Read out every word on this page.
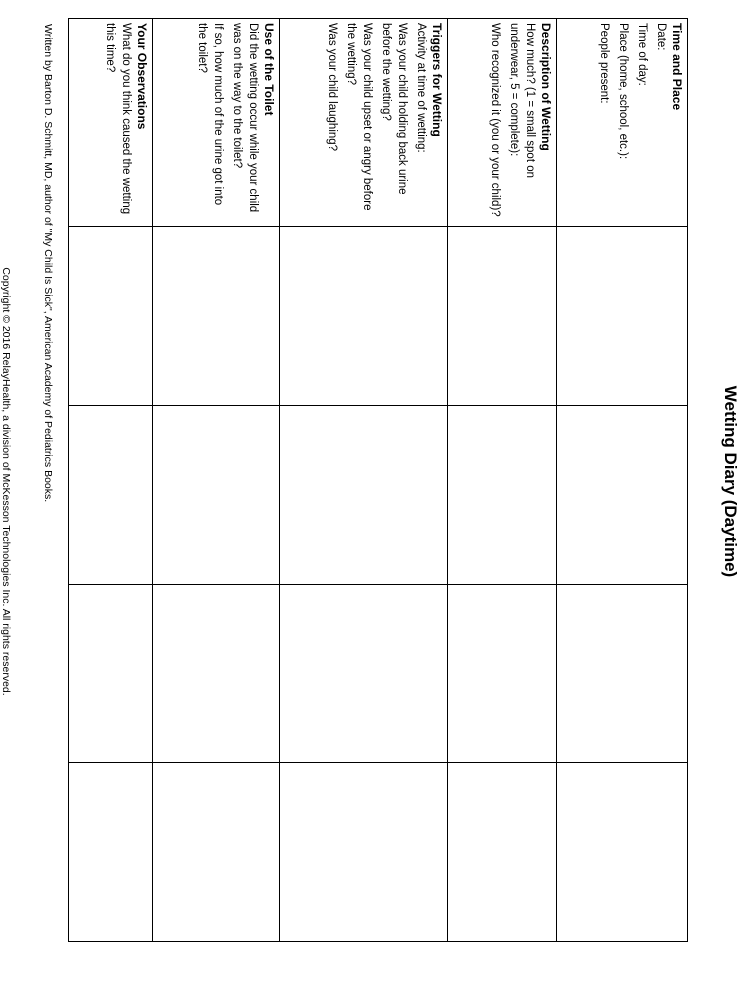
Wetting Diary (Daytime)
Time and Place
Date:
Time of day:
Place (home, school, etc.):
People present:				

Description of Wetting
How much? (1 = small spot on underwear, 5 = complete):
Who recognized it (you or your child)?				

Triggers for Wetting
Activity at time of wetting:
Was your child holding back urine before the wetting?
Was your child upset or angry before the wetting?
Was your child laughing?				

Use of the Toilet
Did the wetting occur while your child was on the way to the toilet?
If so, how much of the urine got into the toilet?				

Your Observations
What do you think caused the wetting this time?				

Written by Barton D. Schmitt, MD, author of "My Child Is Sick", American Academy of Pediatrics Books.
Copyright © 2016 RelayHealth, a division of McKesson Technologies Inc. All rights reserved.
